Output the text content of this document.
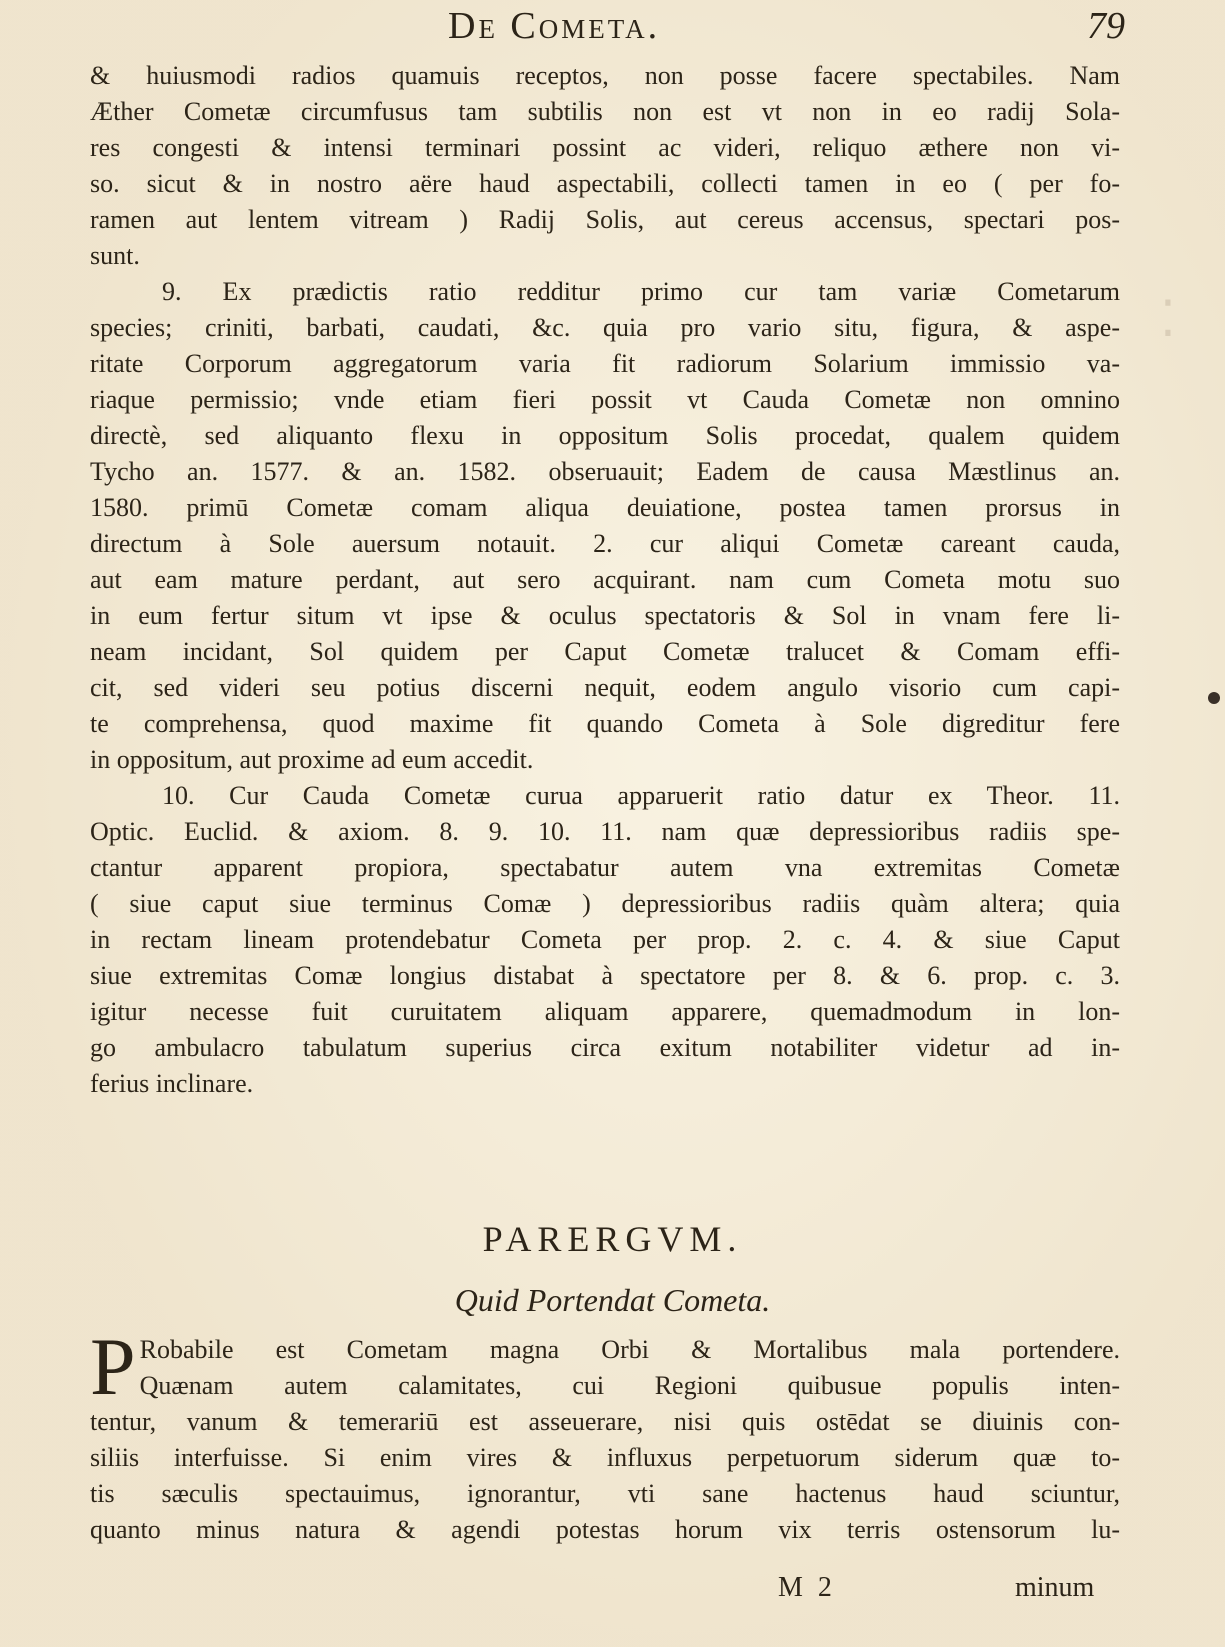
De Cometa.	79
& huiusmodi radios quamuis receptos, non posse facere spectabiles. Nam
Æther Cometæ circumfusus tam subtilis non est vt non in eo radij Sola-
res congesti & intensi terminari possint ac videri, reliquo æthere non vi-
so. sicut & in nostro aëre haud aspectabili, collecti tamen in eo ( per fo-
ramen aut lentem vitream ) Radij Solis, aut cereus accensus, spectari pos-
sunt.
9. Ex prædictis ratio redditur primo cur tam variæ Cometarum
species; criniti, barbati, caudati, &c. quia pro vario situ, figura, & aspe-
ritate Corporum aggregatorum varia fit radiorum Solarium immissio va-
riaque permissio; vnde etiam fieri possit vt Cauda Cometæ non omnino
directè, sed aliquanto flexu in oppositum Solis procedat, qualem quidem
Tycho an. 1577. & an. 1582. obseruauit; Eadem de causa Mæstlinus an.
1580. primū Cometæ comam aliqua deuiatione, postea tamen prorsus in
directum à Sole auersum notauit. 2. cur aliqui Cometæ careant cauda,
aut eam mature perdant, aut sero acquirant. nam cum Cometa motu suo
in eum fertur situm vt ipse & oculus spectatoris & Sol in vnam fere li-
neam incidant, Sol quidem per Caput Cometæ tralucet & Comam effi-
cit, sed videri seu potius discerni nequit, eodem angulo visorio cum capi-
te comprehensa, quod maxime fit quando Cometa à Sole digreditur fere
in oppositum, aut proxime ad eum accedit.
10. Cur Cauda Cometæ curua apparuerit ratio datur ex Theor. 11.
Optic. Euclid. & axiom. 8. 9. 10. 11. nam quæ depressioribus radiis spe-
ctantur apparent propiora, spectabatur autem vna extremitas Cometæ
( siue caput siue terminus Comæ ) depressioribus radiis quàm altera; quia
in rectam lineam protendebatur Cometa per prop. 2. c. 4. & siue Caput
siue extremitas Comæ longius distabat à spectatore per 8. & 6. prop. c. 3.
igitur necesse fuit curuitatem aliquam apparere, quemadmodum in lon-
go ambulacro tabulatum superius circa exitum notabiliter videtur ad in-
ferius inclinare.
PARERGVM.
Quid Portendat Cometa.
P Robabile est Cometam magna Orbi & Mortalibus mala portendere.
Quænam autem calamitates, cui Regioni quibusue populis inten-
tentur, vanum & temerariū est asseuerare, nisi quis ostēdat se diuinis con-
siliis interfuisse. Si enim vires & influxus perpetuorum siderum quæ to-
tis sæculis spectauimus, ignorantur, vti sane hactenus haud sciuntur,
quanto minus natura & agendi potestas horum vix terris ostensorum lu-
M 2	minum
⁚
